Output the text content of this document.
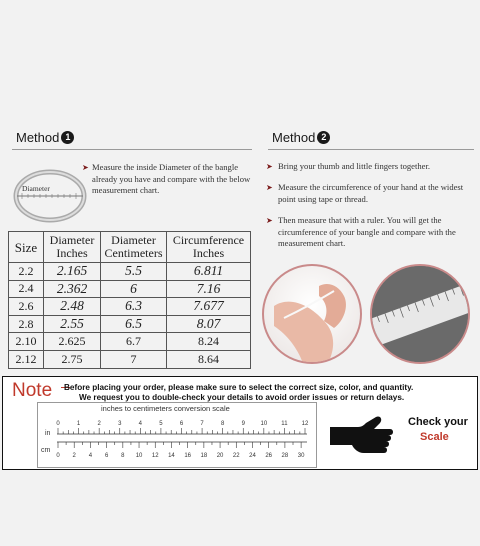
Method 1
Diameter
➤ Measure the inside Diameter of the bangle already you have and compare with the below measurement chart.
Size	Diameter Inches	Diameter Centimeters	Circumference Inches
2.2	2.165	5.5	6.811
2.4	2.362	6	7.16
2.6	2.48	6.3	7.677
2.8	2.55	6.5	8.07
2.10	2.625	6.7	8.24
2.12	2.75	7	8.64
Method 2
➤ Bring your thumb and little fingers together.
➤ Measure the circumference of your hand at the widest point using tape or thread.
➤ Then measure that with a ruler. You will get the circumference of your bangle and compare with the measurement chart.
Note Before placing your order, please make sure to select the correct size, color, and quantity.
We request you to double-check your details to avoid order issues or return delays.
inches to centimeters conversion scale
in
cm
0	1	2	3	4	5	6	7	8	9	10 11 12
0 2 4 6 8 10 12 14 16 18 20 22 24 26 28 30
Check your
Scale
